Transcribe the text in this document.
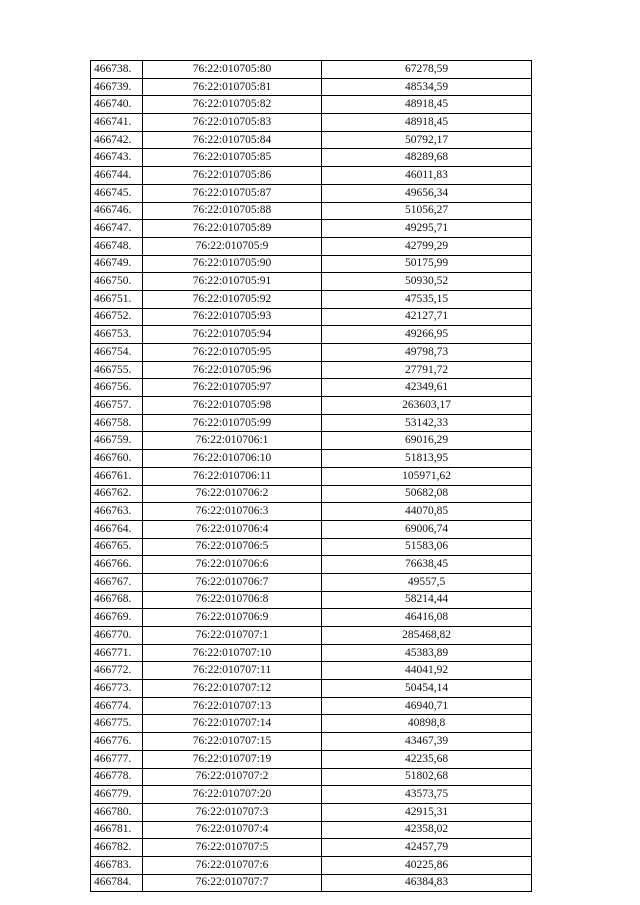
466738.	76:22:010705:80	67278,59
466739.	76:22:010705:81	48534,59
466740.	76:22:010705:82	48918,45
466741.	76:22:010705:83	48918,45
466742.	76:22:010705:84	50792,17
466743.	76:22:010705:85	48289,68
466744.	76:22:010705:86	46011,83
466745.	76:22:010705:87	49656,34
466746.	76:22:010705:88	51056,27
466747.	76:22:010705:89	49295,71
466748.	76:22:010705:9	42799,29
466749.	76:22:010705:90	50175,99
466750.	76:22:010705:91	50930,52
466751.	76:22:010705:92	47535,15
466752.	76:22:010705:93	42127,71
466753.	76:22:010705:94	49266,95
466754.	76:22:010705:95	49798,73
466755.	76:22:010705:96	27791,72
466756.	76:22:010705:97	42349,61
466757.	76:22:010705:98	263603,17
466758.	76:22:010705:99	53142,33
466759.	76:22:010706:1	69016,29
466760.	76:22:010706:10	51813,95
466761.	76:22:010706:11	105971,62
466762.	76:22:010706:2	50682,08
466763.	76:22:010706:3	44070,85
466764.	76:22:010706:4	69006,74
466765.	76:22:010706:5	51583,06
466766.	76:22:010706:6	76638,45
466767.	76:22:010706:7	49557,5
466768.	76:22:010706:8	58214,44
466769.	76:22:010706:9	46416,08
466770.	76:22:010707:1	285468,82
466771.	76:22:010707:10	45383,89
466772.	76:22:010707:11	44041,92
466773.	76:22:010707:12	50454,14
466774.	76:22:010707:13	46940,71
466775.	76:22:010707:14	40898,8
466776.	76:22:010707:15	43467,39
466777.	76:22:010707:19	42235,68
466778.	76:22:010707:2	51802,68
466779.	76:22:010707:20	43573,75
466780.	76:22:010707:3	42915,31
466781.	76:22:010707:4	42358,02
466782.	76:22:010707:5	42457,79
466783.	76:22:010707:6	40225,86
466784.	76:22:010707:7	46384,83
